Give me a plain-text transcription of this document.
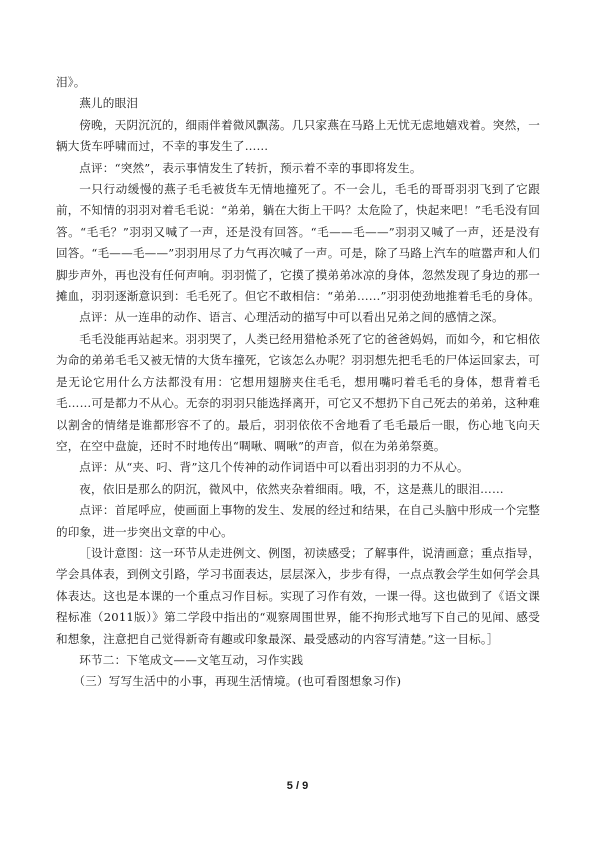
泪》。

燕儿的眼泪

傍晚，天阴沉沉的，细雨伴着微风飘荡。几只家燕在马路上无忧无虑地嬉戏着。突然，一辆大货车呼啸而过，不幸的事发生了……

点评：“突然”，表示事情发生了转折，预示着不幸的事即将发生。

一只行动缓慢的燕子毛毛被货车无情地撞死了。不一会儿，毛毛的哥哥羽羽飞到了它跟前，不知情的羽羽对着毛毛说：“弟弟，躺在大街上干吗？太危险了，快起来吧！”毛毛没有回答。“毛毛？”羽羽又喊了一声，还是没有回答。“毛——毛——”羽羽又喊了一声，还是没有回答。“毛——毛——”羽羽用尽了力气再次喊了一声。可是，除了马路上汽车的喧嚣声和人们脚步声外，再也没有任何声响。羽羽慌了，它摸了摸弟弟冰凉的身体，忽然发现了身边的那一摊血，羽羽逐渐意识到：毛毛死了。但它不敢相信：“弟弟……”羽羽使劲地推着毛毛的身体。

点评：从一连串的动作、语言、心理活动的描写中可以看出兄弟之间的感情之深。

毛毛没能再站起来。羽羽哭了，人类已经用猎枪杀死了它的爸爸妈妈，而如今，和它相依为命的弟弟毛毛又被无情的大货车撞死，它该怎么办呢？羽羽想先把毛毛的尸体运回家去，可是无论它用什么方法都没有用：它想用翅膀夹住毛毛，想用嘴叼着毛毛的身体，想背着毛毛……可是都力不从心。无奈的羽羽只能选择离开，可它又不想扔下自己死去的弟弟，这种难以割舍的情绪是谁都形容不了的。最后，羽羽依依不舍地看了毛毛最后一眼，伤心地飞向天空，在空中盘旋，还时不时地传出“啁啾、啁啾”的声音，似在为弟弟祭奠。

点评：从“夹、叼、背”这几个传神的动作词语中可以看出羽羽的力不从心。

夜，依旧是那么的阴沉，微风中，依然夹杂着细雨。哦，不，这是燕儿的眼泪……

点评：首尾呼应，使画面上事物的发生、发展的经过和结果，在自己头脑中形成一个完整的印象，进一步突出文章的中心。

［设计意图：这一环节从走进例文、例图，初读感受；了解事件，说清画意；重点指导，学会具体表，到例文引路，学习书面表达，层层深入，步步有得，一点点教会学生如何学会具体表达。这也是本课的一个重点习作目标。实现了习作有效，一课一得。这也做到了《语文课程标准（2011版）》第二学段中指出的“观察周围世界，能不拘形式地写下自己的见闻、感受和想象，注意把自己觉得新奇有趣或印象最深、最受感动的内容写清楚。”这一目标。］

环节二：下笔成文——文笔互动，习作实践

（三）写写生活中的小事，再现生活情境。(也可看图想象习作)

5 / 9
